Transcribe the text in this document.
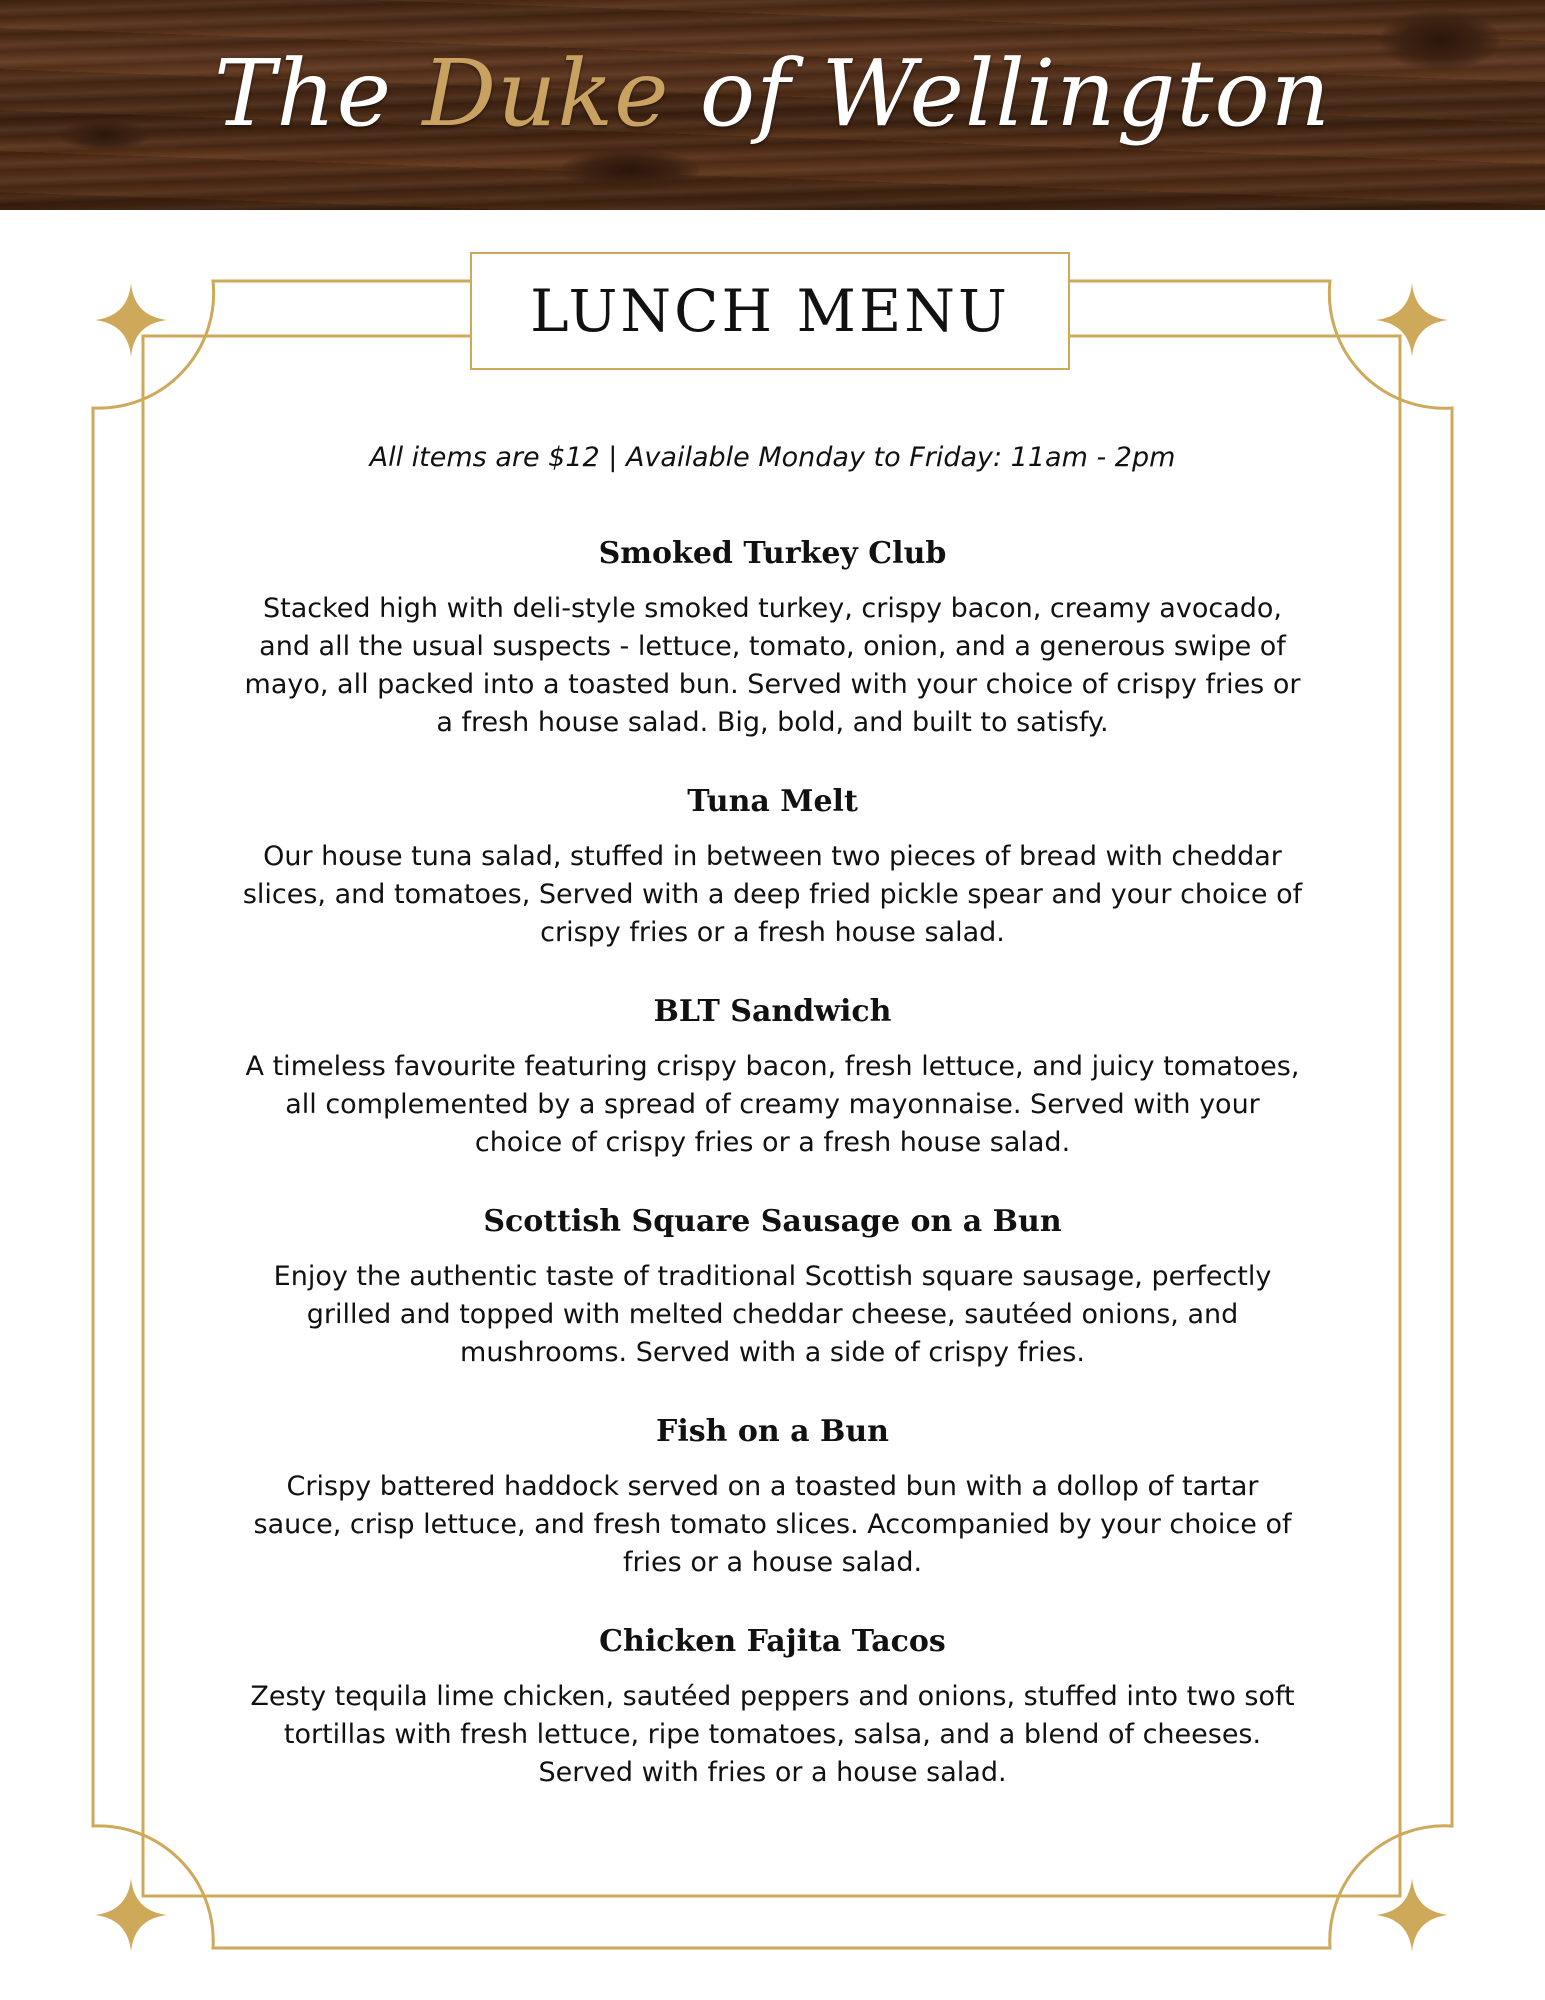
The Duke of Wellington
LUNCH MENU
All items are $12 | Available Monday to Friday: 11am - 2pm

Smoked Turkey Club

Stacked high with deli-style smoked turkey, crispy bacon, creamy avocado, and all the usual suspects - lettuce, tomato, onion, and a generous swipe of mayo, all packed into a toasted bun. Served with your choice of crispy fries or a fresh house salad. Big, bold, and built to satisfy.

Tuna Melt

Our house tuna salad, stuffed in between two pieces of bread with cheddar slices, and tomatoes, Served with a deep fried pickle spear and your choice of crispy fries or a fresh house salad.

BLT Sandwich

A timeless favourite featuring crispy bacon, fresh lettuce, and juicy tomatoes, all complemented by a spread of creamy mayonnaise. Served with your choice of crispy fries or a fresh house salad.

Scottish Square Sausage on a Bun

Enjoy the authentic taste of traditional Scottish square sausage, perfectly grilled and topped with melted cheddar cheese, sautéed onions, and mushrooms. Served with a side of crispy fries.

Fish on a Bun

Crispy battered haddock served on a toasted bun with a dollop of tartar sauce, crisp lettuce, and fresh tomato slices. Accompanied by your choice of fries or a house salad.

Chicken Fajita Tacos

Zesty tequila lime chicken, sautéed peppers and onions, stuffed into two soft tortillas with fresh lettuce, ripe tomatoes, salsa, and a blend of cheeses. Served with fries or a house salad.
